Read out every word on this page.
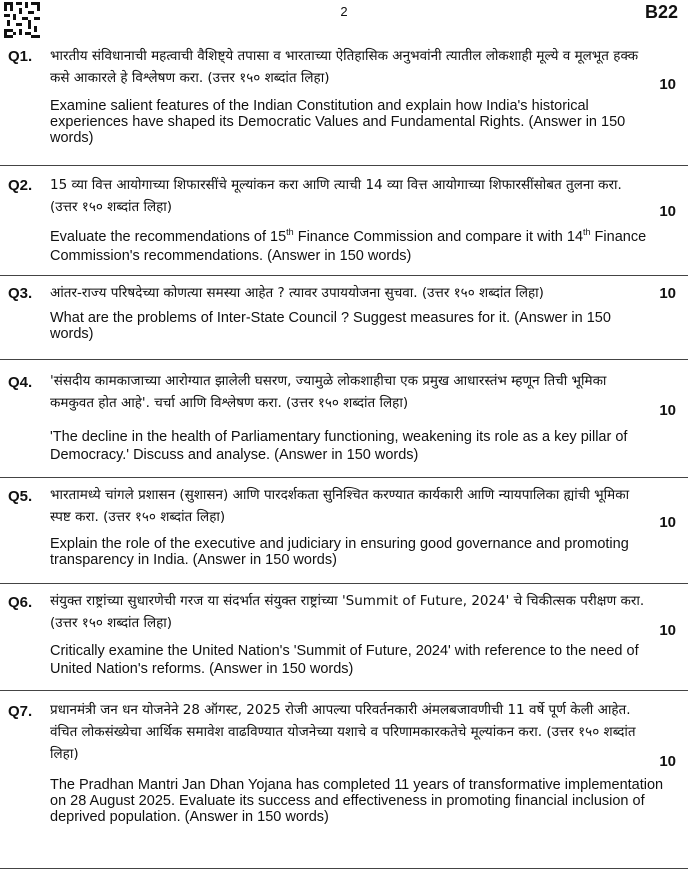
2	B22
Q1. भारतीय संविधानाची महत्वाची वैशिष्ट्ये तपासा व भारताच्या ऐतिहासिक अनुभवांनी त्यातील लोकशाही मूल्ये व मूलभूत हक्क कसे आकारले हे विश्लेषण करा. (उत्तर १५० शब्दांत लिहा)	10
Examine salient features of the Indian Constitution and explain how India's historical experiences have shaped its Democratic Values and Fundamental Rights. (Answer in 150 words)
Q2. 15 व्या वित्त आयोगाच्या शिफारसींचे मूल्यांकन करा आणि त्याची 14 व्या वित्त आयोगाच्या शिफारसींसोबत तुलना करा. (उत्तर १५० शब्दांत लिहा)	10
Evaluate the recommendations of 15th Finance Commission and compare it with 14th Finance Commission's recommendations. (Answer in 150 words)
Q3. आंतर-राज्य परिषदेच्या कोणत्या समस्या आहेत ? त्यावर उपाययोजना सुचवा. (उत्तर १५० शब्दांत लिहा)	10
What are the problems of Inter-State Council ? Suggest measures for it. (Answer in 150 words)
Q4. 'संसदीय कामकाजाच्या आरोग्यात झालेली घसरण, ज्यामुळे लोकशाहीचा एक प्रमुख आधारस्तंभ म्हणून तिची भूमिका कमकुवत होत आहे'. चर्चा आणि विश्लेषण करा. (उत्तर १५० शब्दांत लिहा)	10
'The decline in the health of Parliamentary functioning, weakening its role as a key pillar of Democracy.' Discuss and analyse. (Answer in 150 words)
Q5. भारतामध्ये चांगले प्रशासन (सुशासन) आणि पारदर्शकता सुनिश्चित करण्यात कार्यकारी आणि न्यायपालिका ह्यांची भूमिका स्पष्ट करा. (उत्तर १५० शब्दांत लिहा)	10
Explain the role of the executive and judiciary in ensuring good governance and promoting transparency in India. (Answer in 150 words)
Q6. संयुक्त राष्ट्रांच्या सुधारणेची गरज या संदर्भात संयुक्त राष्ट्रांच्या 'Summit of Future, 2024' चे चिकीत्सक परीक्षण करा. (उत्तर १५० शब्दांत लिहा)	10
Critically examine the United Nation's 'Summit of Future, 2024' with reference to the need of United Nation's reforms. (Answer in 150 words)
Q7. प्रधानमंत्री जन धन योजनेने 28 ऑगस्ट, 2025 रोजी आपल्या परिवर्तनकारी अंमलबजावणीची 11 वर्षे पूर्ण केली आहेत. वंचित लोकसंख्येचा आर्थिक समावेश वाढविण्यात योजनेच्या यशाचे व परिणामकारकतेचे मूल्यांकन करा. (उत्तर १५० शब्दांत लिहा)	10
The Pradhan Mantri Jan Dhan Yojana has completed 11 years of transformative implementation on 28 August 2025. Evaluate its success and effectiveness in promoting financial inclusion of deprived population. (Answer in 150 words)
